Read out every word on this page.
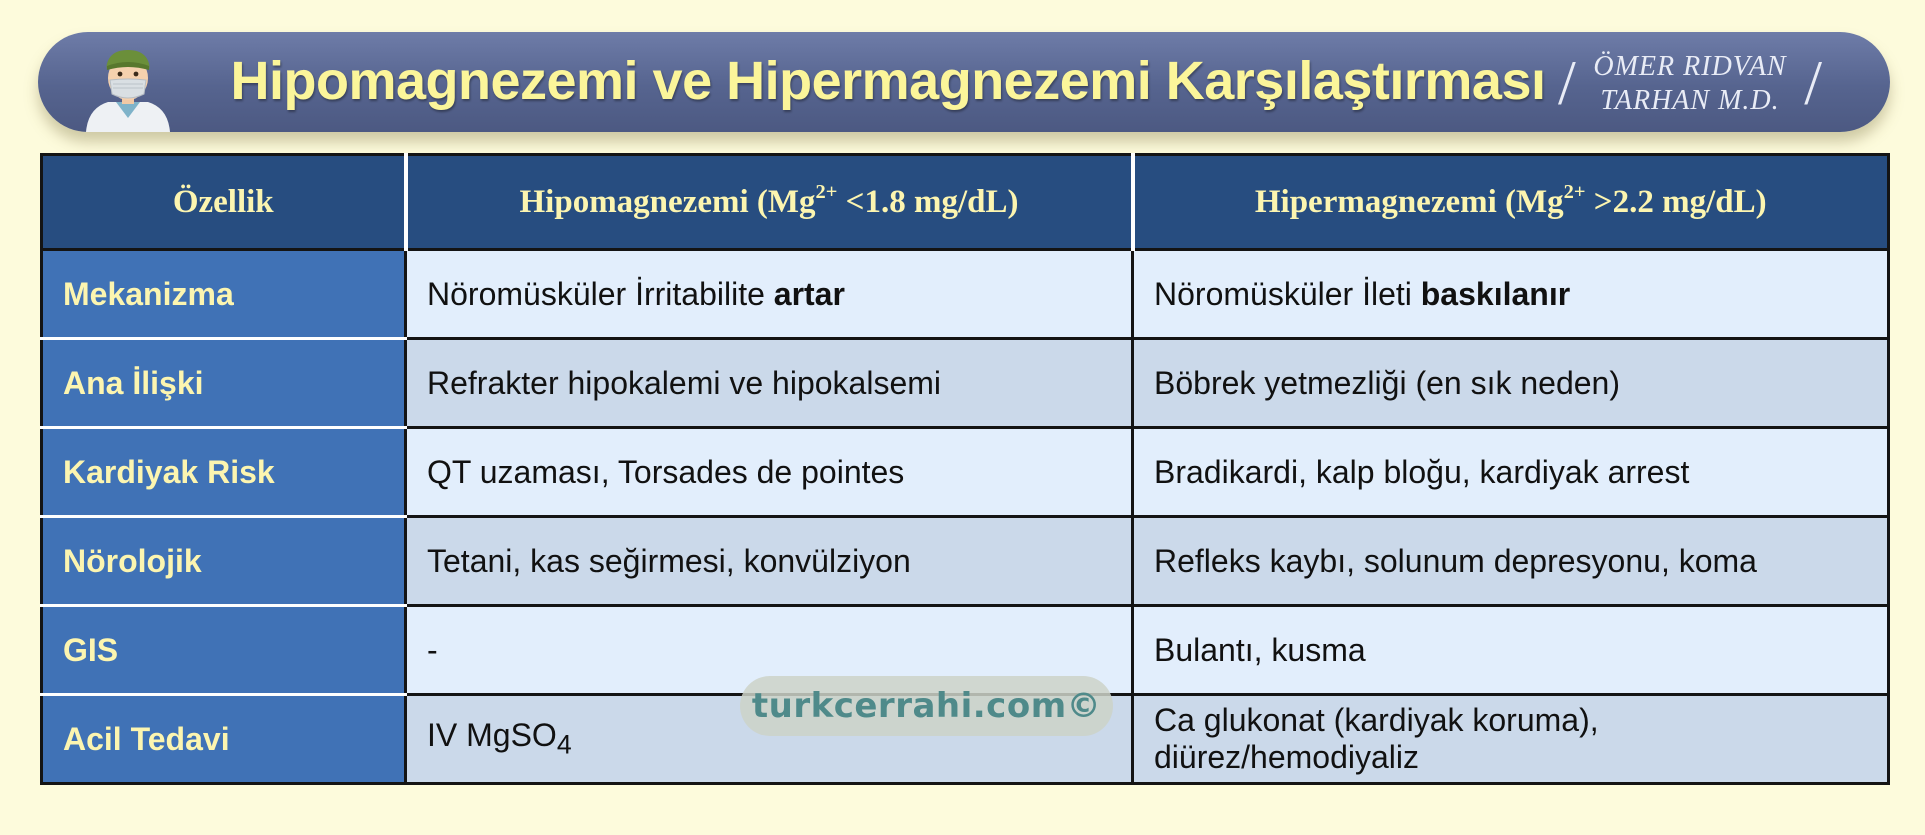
Hipomagnezemi ve Hipermagnezemi Karşılaştırması / ÖMER RIDVAN
TARHAN M.D. /
Özellik	Hipomagnezemi ($Mg^{2+} <1.8$ mg/dL)	Hipermagnezemi ($Mg^{2+} >2.2$ mg/dL)
Mekanizma	Nöromüsküler İrritabilite artar	Nöromüsküler İleti baskılanır
Ana İlişki	Refrakter hipokalemi ve hipokalsemi	Böbrek yetmezliği (en sık neden)
Kardiyak Risk	QT uzaması, Torsades de pointes	Bradikardi, kalp bloğu, kardiyak arrest
Nörolojik	Tetani, kas seğirmesi, konvülziyon	Refleks kaybı, solunum depresyonu, koma
GIS	-	Bulantı, kusma
Acil Tedavi	IV MgSO$_4$	Ca glukonat (kardiyak koruma), diürez/hemodiyaliz
turkcerrahi.com©
